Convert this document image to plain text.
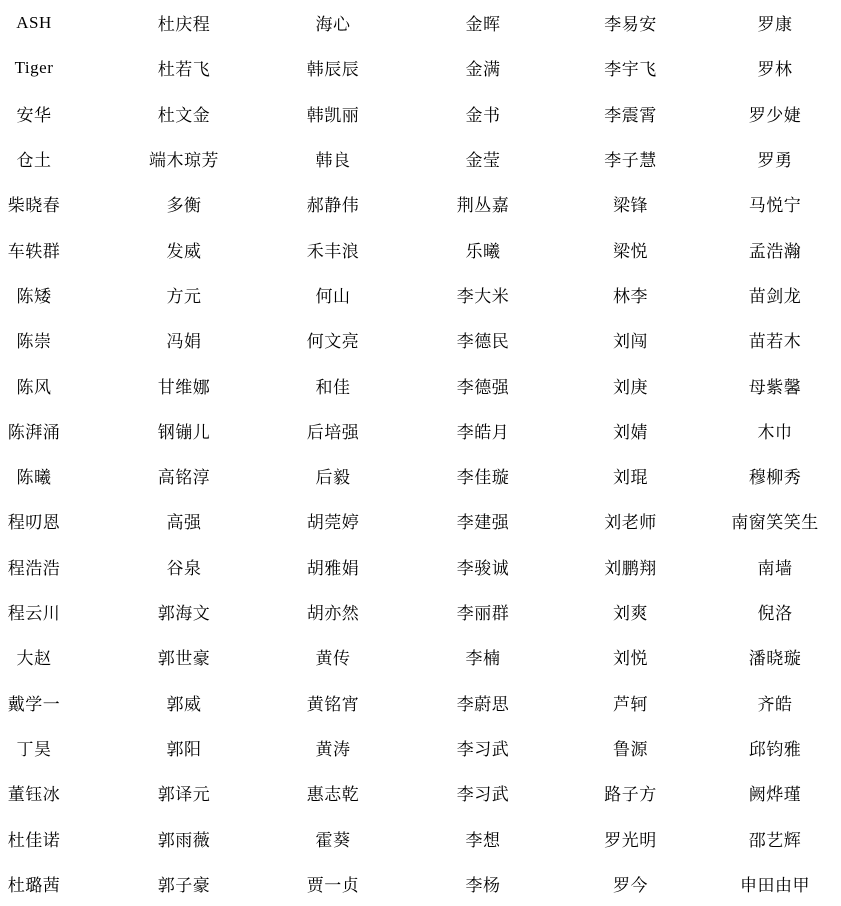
ASH	杜庆程	海心	金晖	李易安	罗康
Tiger	杜若飞	韩辰辰	金满	李宇飞	罗林
安华	杜文金	韩凯丽	金书	李震霄	罗少婕
仓土	端木琼芳	韩良	金莹	李子慧	罗勇
柴晓春	多衡	郝静伟	荆丛嘉	梁锋	马悦宁
车轶群	发威	禾丰浪	乐曦	梁悦	孟浩瀚
陈矮	方元	何山	李大米	林李	苗剑龙
陈崇	冯娟	何文亮	李德民	刘闯	苗若木
陈风	甘维娜	和佳	李德强	刘庚	母紫馨
陈湃涌	钢镚儿	后培强	李皓月	刘婧	木巾
陈曦	高铭淳	后毅	李佳璇	刘琨	穆柳秀
程叨恩	高强	胡莞婷	李建强	刘老师	南窗笑笑生
程浩浩	谷泉	胡雅娟	李骏诚	刘鹏翔	南墙
程云川	郭海文	胡亦然	李丽群	刘爽	倪洛
大赵	郭世豪	黄传	李楠	刘悦	潘晓璇
戴学一	郭威	黄铭宵	李蔚思	芦轲	齐皓
丁昊	郭阳	黄涛	李习武	鲁源	邱钧雅
董钰冰	郭译元	惠志乾	李习武	路子方	阙烨瑾
杜佳诺	郭雨薇	霍葵	李想	罗光明	邵艺辉
杜璐茜	郭子豪	贾一贞	李杨	罗今	申田由甲
